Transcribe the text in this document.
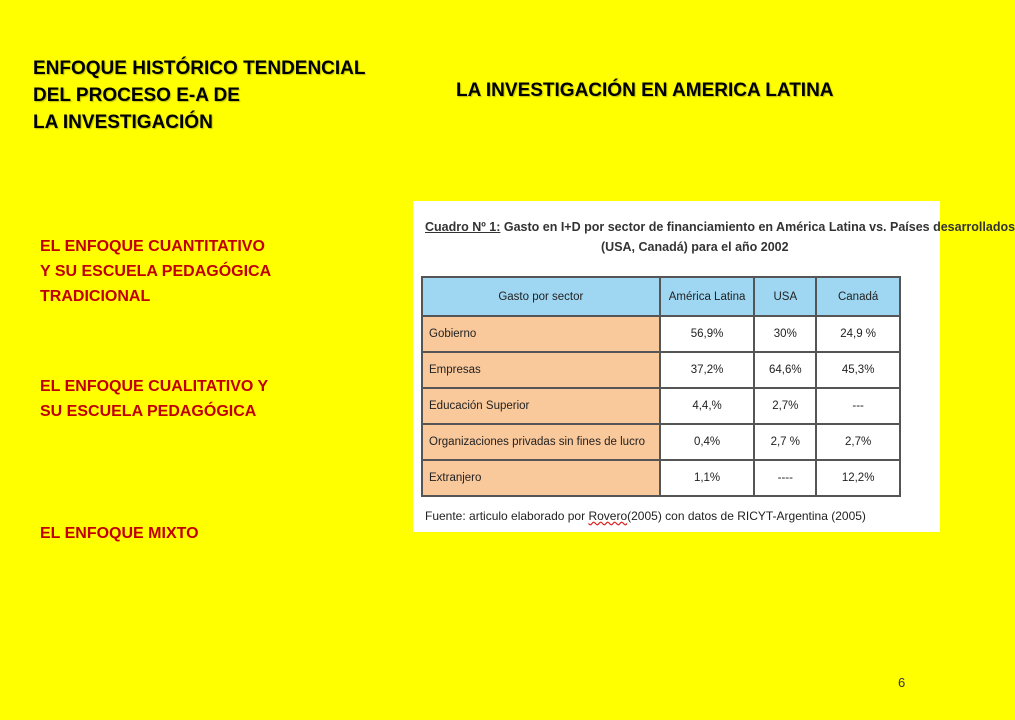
ENFOQUE HISTÓRICO TENDENCIAL
DEL PROCESO E-A DE
LA INVESTIGACIÓN
LA INVESTIGACIÓN EN AMERICA LATINA
EL ENFOQUE CUANTITATIVO
Y SU ESCUELA PEDAGÓGICA
TRADICIONAL
EL ENFOQUE CUALITATIVO Y
SU ESCUELA PEDAGÓGICA
EL ENFOQUE MIXTO
Cuadro Nº 1: Gasto en I+D por sector de financiamiento en América Latina vs. Países desarrollados
(USA, Canadá) para el año 2002
Gasto por sector	América Latina	USA	Canadá
Gobierno	56,9%	30%	24,9 %
Empresas	37,2%	64,6%	45,3%
Educación Superior	4,4,%	2,7%	---
Organizaciones privadas sin fines de lucro	0,4%	2,7 %	2,7%
Extranjero	1,1%	----	12,2%
Fuente: articulo elaborado por Rovero(2005) con datos de RICYT-Argentina (2005)
6
